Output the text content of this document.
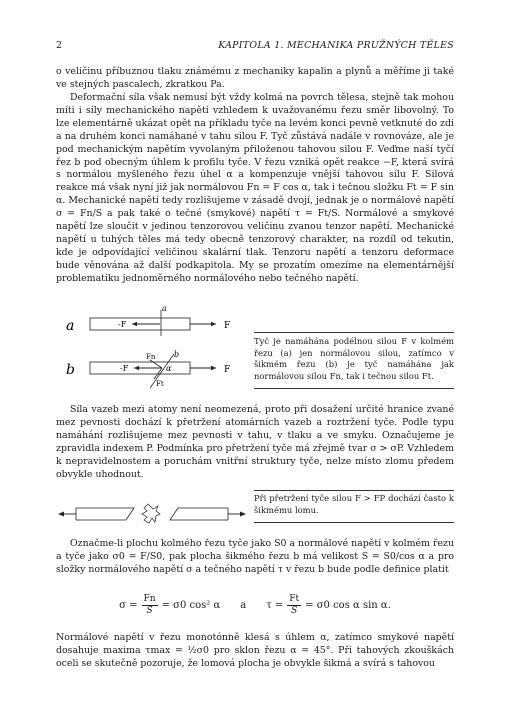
2	KAPITOLA 1. MECHANIKA PRUŽNÝCH TĚLES

o veličinu příbuznou tlaku známému z mechaniky kapalin a plynů a měříme ji také ve stejných pascalech, zkratkou Pa.

Deformační síla však nemusí být vždy kolmá na povrch tělesa, stejně tak mohou míti i síly mechanického napětí vzhledem k uvažovanému řezu směr libovolný. To lze elementárně ukázat opět na příkladu tyče na levém konci pevně vetknuté do zdi a na druhém konci namáhané v tahu silou F. Tyč zůstává nadále v rovnováze, ale je pod mechanickým napětím vyvolaným přiloženou tahovou silou F. Veďme naší tyčí řez b pod obecným úhlem k profilu tyče. V řezu vzniká opět reakce −F, která svírá s normálou myšleného řezu úhel α a kompenzuje vnější tahovou sílu F. Silová reakce má však nyní již jak normálovou Fn = F cos α, tak i tečnou složku Ft = F sin α. Mechanické napětí tedy rozlišujeme v zásadě dvojí, jednak je o normálové napětí σ = Fn/S a pak také o tečné (smykové) napětí τ = Ft/S. Normálové a smykové napětí lze sloučit v jedinou tenzorovou veličinu zvanou tenzor napětí. Mechanické napětí u tuhých těles má tedy obecně tenzorový charakter, na rozdíl od tekutin, kde je odpovídající veličinou skalární tlak. Tenzoru napětí a tenzoru deformace bude věnována až další podkapitola. My se prozatím omezíme na elementárnější problematiku jednoměrného normálového nebo tečného napětí.

a
a
-F	F
b
b
-F
Fn
Ft
α	F
Tyč je namáhána podélnou silou F v kolmém řezu (a) jen normálovou silou, zatímco v šikmém řezu (b) je tyč namáhána jak normálovou silou Fn, tak i tečnou silou Ft.

Síla vazeb mezi atomy není neomezená, proto při dosažení určité hranice zvané mez pevnosti dochází k přetržení atomárních vazeb a roztržení tyče. Podle typu namáhání rozlišujeme mez pevnosti v tahu, v tlaku a ve smyku. Označujeme je zpravidla indexem P. Podmínka pro přetržení tyče má zřejmě tvar σ > σP. Vzhledem k nepravidelnostem a poruchám vnitřní struktury tyče, nelze místo zlomu předem obvykle uhodnout.

Při přetržení tyče silou F > FP dochází často k šikmému lomu.

Označme-li plochu kolmého řezu tyče jako S0 a normálové napětí v kolmém řezu a tyče jako σ0 = F/S0, pak plocha šikmého řezu b má velikost S = S0/cos α a pro složky normálového napětí σ a tečného napětí τ v řezu b bude podle definice platit

$\sigma = \frac{Fn}{S} = \sigma 0$ cos² α a $\tau = \frac{Ft}{S} = \sigma 0$ cos α sin α.

Normálové napětí v řezu monotónně klesá s úhlem α, zatímco smykové napětí dosahuje maxima τmax = ½σ0 pro sklon řezu α = 45°. Při tahových zkouškách oceli se skutečně pozoruje, že lomová plocha je obvykle šikmá a svírá s tahovou
